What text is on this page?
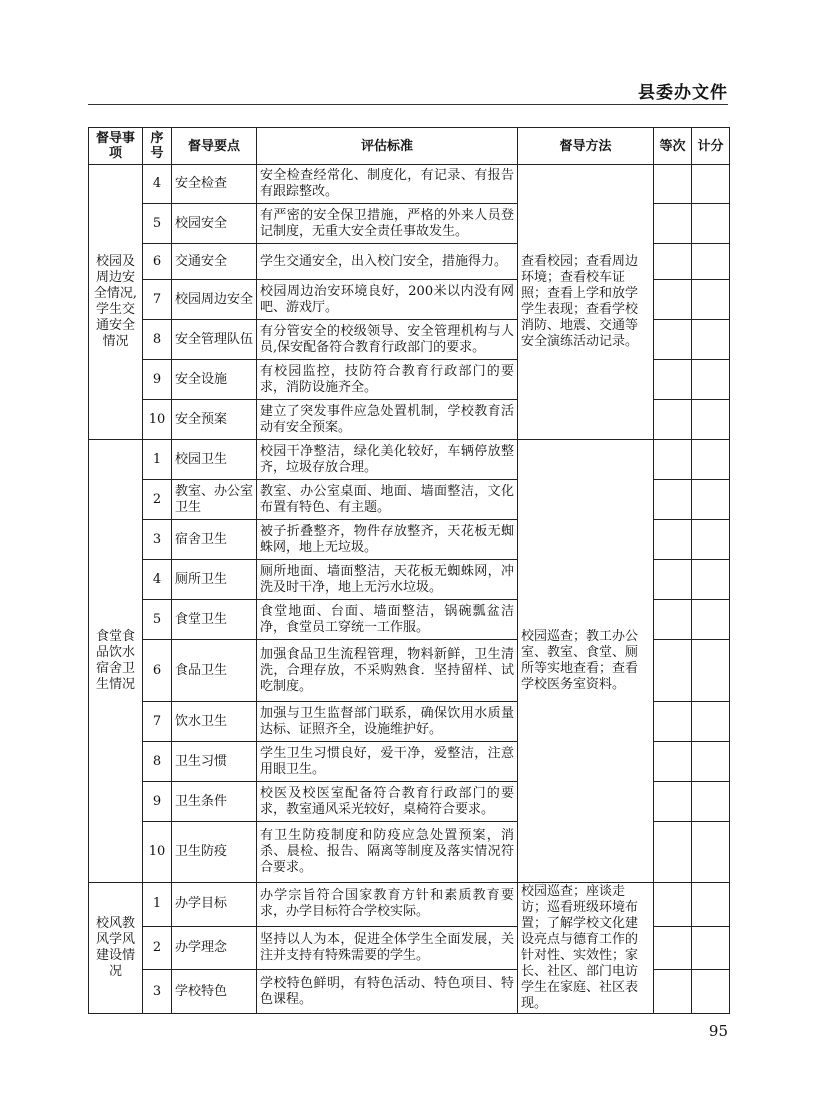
县委办文件
督导事项	序号	督导要点	评估标准	督导方法	等次	计分
校园及周边安全情况,学生交通安全情况	4	安全检查	安全检查经常化、制度化，有记录、有报告有跟踪整改。	查看校园；查看周边环境；查看校车证照；查看上学和放学学生表现；查看学校消防、地震、交通等安全演练活动记录。		
	5	校园安全	有严密的安全保卫措施，严格的外来人员登记制度，无重大安全责任事故发生。			
	6	交通安全	学生交通安全，出入校门安全，措施得力。			
	7	校园周边安全	校园周边治安环境良好，200米以内没有网吧、游戏厅。			
	8	安全管理队伍	有分管安全的校级领导、安全管理机构与人员,保安配备符合教育行政部门的要求。			
	9	安全设施	有校园监控，技防符合教育行政部门的要求，消防设施齐全。			
	10	安全预案	建立了突发事件应急处置机制，学校教育活动有安全预案。			
食堂食品饮水宿舍卫生情况	1	校园卫生	校园干净整洁，绿化美化较好，车辆停放整齐，垃圾存放合理。	校园巡查；教工办公室、教室、食堂、厕所等实地查看；查看学校医务室资料。		
	2	教室、办公室卫生	教室、办公室桌面、地面、墙面整洁，文化布置有特色、有主题。			
	3	宿舍卫生	被子折叠整齐，物件存放整齐，天花板无蜘蛛网，地上无垃圾。			
	4	厕所卫生	厕所地面、墙面整洁，天花板无蜘蛛网，冲洗及时干净，地上无污水垃圾。			
	5	食堂卫生	食堂地面、台面、墙面整洁，锅碗瓢盆洁净，食堂员工穿统一工作服。			
	6	食品卫生	加强食品卫生流程管理，物料新鲜，卫生清洗，合理存放，不采购熟食．坚持留样、试吃制度。			
	7	饮水卫生	加强与卫生监督部门联系，确保饮用水质量达标、证照齐全，设施维护好。			
	8	卫生习惯	学生卫生习惯良好，爱干净，爱整洁，注意用眼卫生。			
	9	卫生条件	校医及校医室配备符合教育行政部门的要求，教室通风采光较好，桌椅符合要求。			
	10	卫生防疫	有卫生防疫制度和防疫应急处置预案，消杀、晨检、报告、隔离等制度及落实情况符合要求。			
校风教风学风建设情况	1	办学目标	办学宗旨符合国家教育方针和素质教育要求，办学目标符合学校实际。	校园巡查；座谈走访；巡看班级环境布置；了解学校文化建设亮点与德育工作的针对性、实效性；家长、社区、部门电访学生在家庭、社区表现。		
	2	办学理念	坚持以人为本，促进全体学生全面发展，关注并支持有特殊需要的学生。			
	3	学校特色	学校特色鲜明，有特色活动、特色项目、特色课程。			
95
